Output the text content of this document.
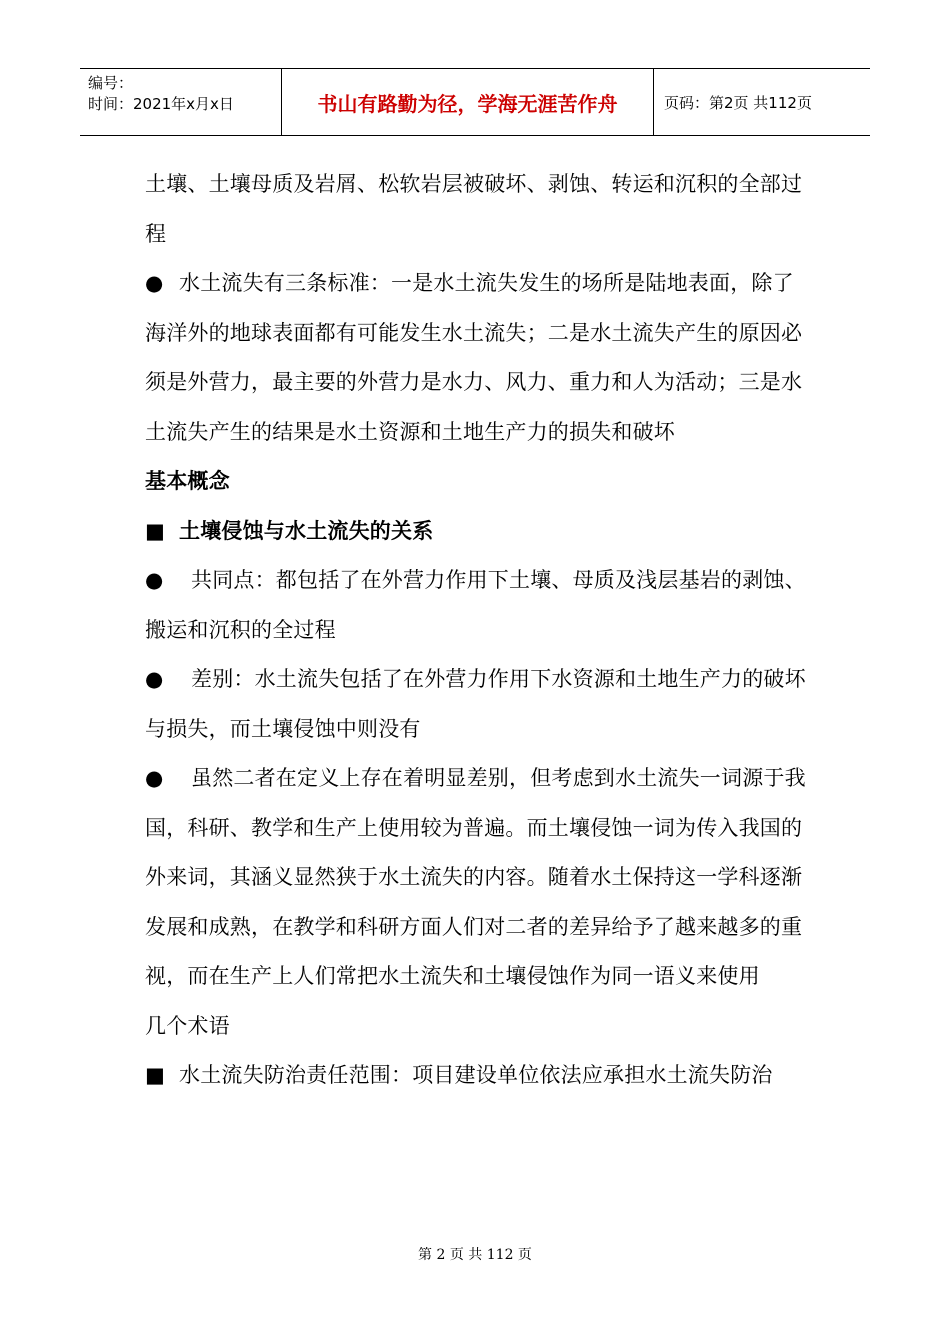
编号：
时间：2021年x月x日	书山有路勤为径，学海无涯苦作舟	页码：第2页 共112页

土壤、土壤母质及岩屑、松软岩层被破坏、剥蚀、转运和沉积的全部过程

● 水土流失有三条标准：一是水土流失发生的场所是陆地表面，除了海洋外的地球表面都有可能发生水土流失；二是水土流失产生的原因必须是外营力，最主要的外营力是水力、风力、重力和人为活动；三是水土流失产生的结果是水土资源和土地生产力的损失和破坏

基本概念

■ 土壤侵蚀与水土流失的关系

● 共同点：都包括了在外营力作用下土壤、母质及浅层基岩的剥蚀、搬运和沉积的全过程

● 差别：水土流失包括了在外营力作用下水资源和土地生产力的破坏与损失，而土壤侵蚀中则没有

● 虽然二者在定义上存在着明显差别，但考虑到水土流失一词源于我国，科研、教学和生产上使用较为普遍。而土壤侵蚀一词为传入我国的外来词，其涵义显然狭于水土流失的内容。随着水土保持这一学科逐渐发展和成熟，在教学和科研方面人们对二者的差异给予了越来越多的重视，而在生产上人们常把水土流失和土壤侵蚀作为同一语义来使用

几个术语

■ 水土流失防治责任范围：项目建设单位依法应承担水土流失防治

第 2 页 共 112 页
